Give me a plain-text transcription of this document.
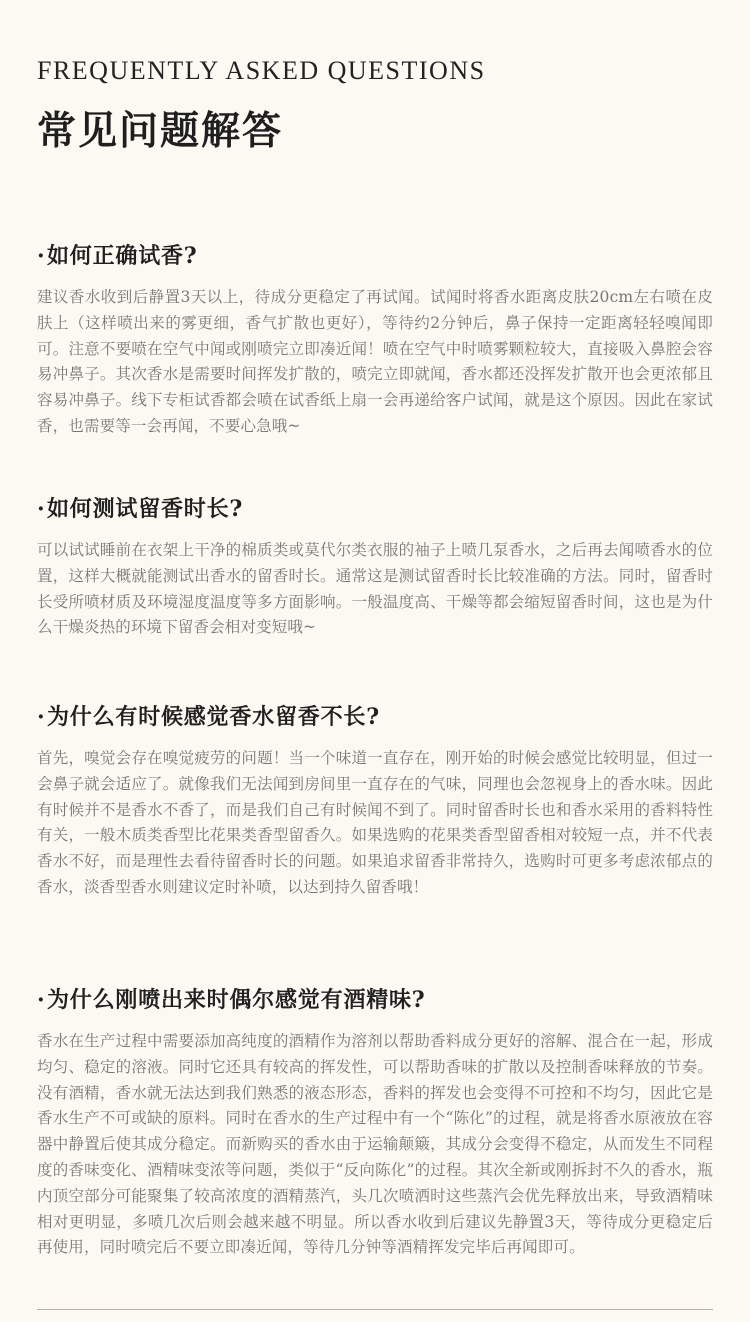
FREQUENTLY ASKED QUESTIONS
常见问题解答
· 如何正确试香?
建议香水收到后静置3天以上，待成分更稳定了再试闻。试闻时将香水距离皮肤20cm左右喷在皮肤上（这样喷出来的雾更细，香气扩散也更好），等待约2分钟后，鼻子保持一定距离轻轻嗅闻即可。注意不要喷在空气中闻或刚喷完立即凑近闻！喷在空气中时喷雾颗粒较大，直接吸入鼻腔会容易冲鼻子。其次香水是需要时间挥发扩散的，喷完立即就闻，香水都还没挥发扩散开也会更浓郁且容易冲鼻子。线下专柜试香都会喷在试香纸上扇一会再递给客户试闻，就是这个原因。因此在家试香，也需要等一会再闻，不要心急哦~
· 如何测试留香时长?
可以试试睡前在衣架上干净的棉质类或莫代尔类衣服的袖子上喷几泵香水，之后再去闻喷香水的位置，这样大概就能测试出香水的留香时长。通常这是测试留香时长比较准确的方法。同时，留香时长受所喷材质及环境湿度温度等多方面影响。一般温度高、干燥等都会缩短留香时间，这也是为什么干燥炎热的环境下留香会相对变短哦~
· 为什么有时候感觉香水留香不长?
首先，嗅觉会存在嗅觉疲劳的问题！当一个味道一直存在，刚开始的时候会感觉比较明显，但过一会鼻子就会适应了。就像我们无法闻到房间里一直存在的气味，同理也会忽视身上的香水味。因此有时候并不是香水不香了，而是我们自己有时候闻不到了。同时留香时长也和香水采用的香料特性有关，一般木质类香型比花果类香型留香久。如果选购的花果类香型留香相对较短一点，并不代表香水不好，而是理性去看待留香时长的问题。如果追求留香非常持久，选购时可更多考虑浓郁点的香水，淡香型香水则建议定时补喷，以达到持久留香哦！
· 为什么刚喷出来时偶尔感觉有酒精味?
香水在生产过程中需要添加高纯度的酒精作为溶剂以帮助香料成分更好的溶解、混合在一起，形成均匀、稳定的溶液。同时它还具有较高的挥发性，可以帮助香味的扩散以及控制香味释放的节奏。没有酒精，香水就无法达到我们熟悉的液态形态，香料的挥发也会变得不可控和不均匀，因此它是香水生产不可或缺的原料。同时在香水的生产过程中有一个“陈化”的过程，就是将香水原液放在容器中静置后使其成分稳定。而新购买的香水由于运输颠簸，其成分会变得不稳定，从而发生不同程度的香味变化、酒精味变浓等问题，类似于“反向陈化”的过程。其次全新或刚拆封不久的香水，瓶内顶空部分可能聚集了较高浓度的酒精蒸汽，头几次喷洒时这些蒸汽会优先释放出来，导致酒精味相对更明显，多喷几次后则会越来越不明显。所以香水收到后建议先静置3天，等待成分更稳定后再使用，同时喷完后不要立即凑近闻，等待几分钟等酒精挥发完毕后再闻即可。
